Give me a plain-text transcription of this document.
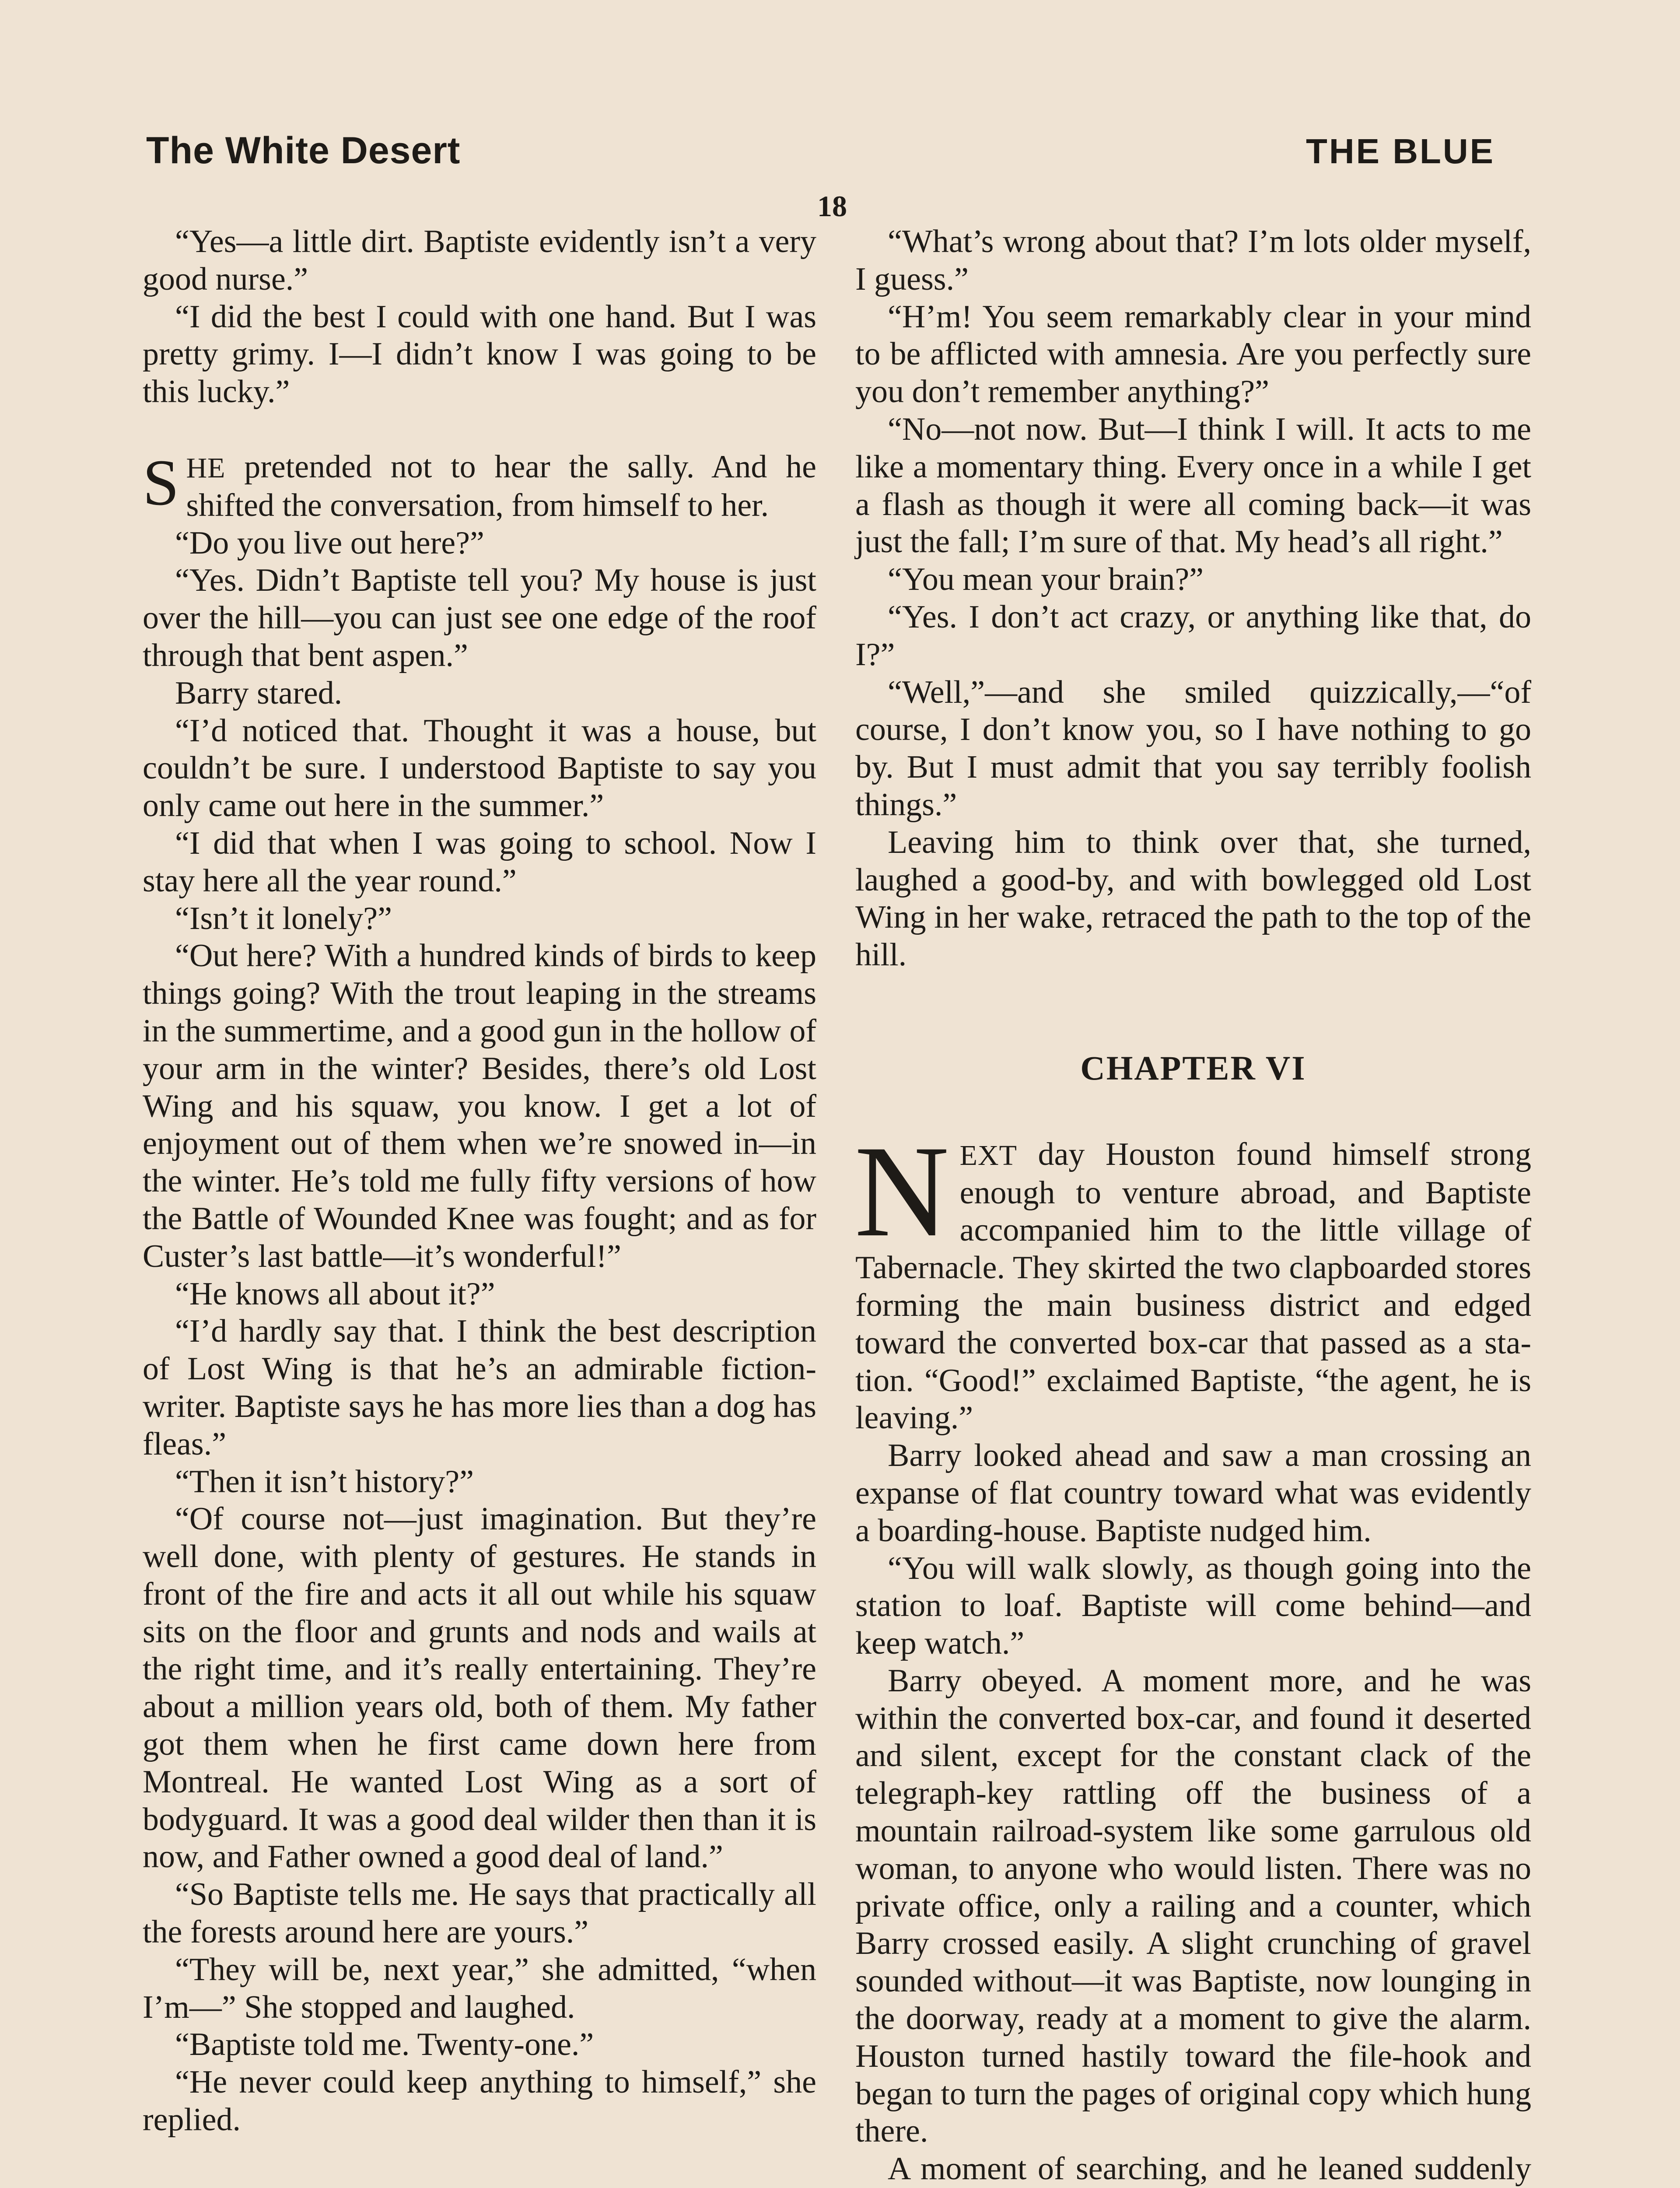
The White Desert	THE BLUE
18

“Yes—a little dirt. Baptiste evidently isn’t a very good nurse.”

“I did the best I could with one hand. But I was pretty grimy. I—I didn’t know I was going to be this lucky.”

SHE pretended not to hear the sally. And he shifted the conversation, from himself to her.

“Do you live out here?”

“Yes. Didn’t Baptiste tell you? My house is just over the hill—you can just see one edge of the roof through that bent aspen.”

Barry stared.

“I’d noticed that. Thought it was a house, but couldn’t be sure. I understood Baptiste to say you only came out here in the summer.”

“I did that when I was going to school. Now I stay here all the year round.”

“Isn’t it lonely?”

“Out here? With a hundred kinds of birds to keep things going? With the trout leaping in the streams in the summertime, and a good gun in the hollow of your arm in the winter? Besides, there’s old Lost Wing and his squaw, you know. I get a lot of enjoyment out of them when we’re snowed in—in the winter. He’s told me fully fifty versions of how the Battle of Wounded Knee was fought; and as for Custer’s last battle—it’s wonderful!”

“He knows all about it?”

“I’d hardly say that. I think the best description of Lost Wing is that he’s an admirable fiction-writer. Baptiste says he has more lies than a dog has fleas.”

“Then it isn’t history?”

“Of course not—just imagination. But they’re well done, with plenty of gestures. He stands in front of the fire and acts it all out while his squaw sits on the floor and grunts and nods and wails at the right time, and it’s really entertaining. They’re about a million years old, both of them. My father got them when he first came down here from Montreal. He wanted Lost Wing as a sort of bodyguard. It was a good deal wilder then than it is now, and Father owned a good deal of land.”

“So Baptiste tells me. He says that practically all the forests around here are yours.”

“They will be, next year,” she admitted, “when I’m—” She stopped and laughed.

“Baptiste told me. Twenty-one.”

“He never could keep anything to himself,” she replied.

“What’s wrong about that? I’m lots older myself, I guess.”

“H’m! You seem remarkably clear in your mind to be afflicted with amnesia. Are you perfectly sure you don’t remember anything?”

“No—not now. But—I think I will. It acts to me like a momentary thing. Every once in a while I get a flash as though it were all coming back—it was just the fall; I’m sure of that. My head’s all right.”

“You mean your brain?”

“Yes. I don’t act crazy, or anything like that, do I?”

“Well,”—and she smiled quizzically,—“of course, I don’t know you, so I have nothing to go by. But I must admit that you say terribly foolish things.”

Leaving him to think over that, she turned, laughed a good-by, and with bowlegged old Lost Wing in her wake, retraced the path to the top of the hill.

CHAPTER VI

NEXT day Houston found himself strong enough to venture abroad, and Baptiste accompanied him to the little village of Tabernacle. They skirted the two clapboarded stores forming the main business district and edged toward the converted box-car that passed as a station. “Good!” exclaimed Baptiste, “the agent, he is leaving.”

Barry looked ahead and saw a man crossing an expanse of flat country toward what was evidently a boarding-house. Baptiste nudged him.

“You will walk slowly, as though going into the station to loaf. Baptiste will come behind—and keep watch.”

Barry obeyed. A moment more, and he was within the converted box-car, and found it deserted and silent, except for the constant clack of the telegraph-key rattling off the business of a mountain railroad-system like some garrulous old woman, to anyone who would listen. There was no private office, only a railing and a counter, which Barry crossed easily. A slight crunching of gravel sounded without—it was Baptiste, now lounging in the doorway, ready at a moment to give the alarm. Houston turned hastily toward the file-hook and began to turn the pages of original copy which hung there.

A moment of searching, and he leaned suddenly
